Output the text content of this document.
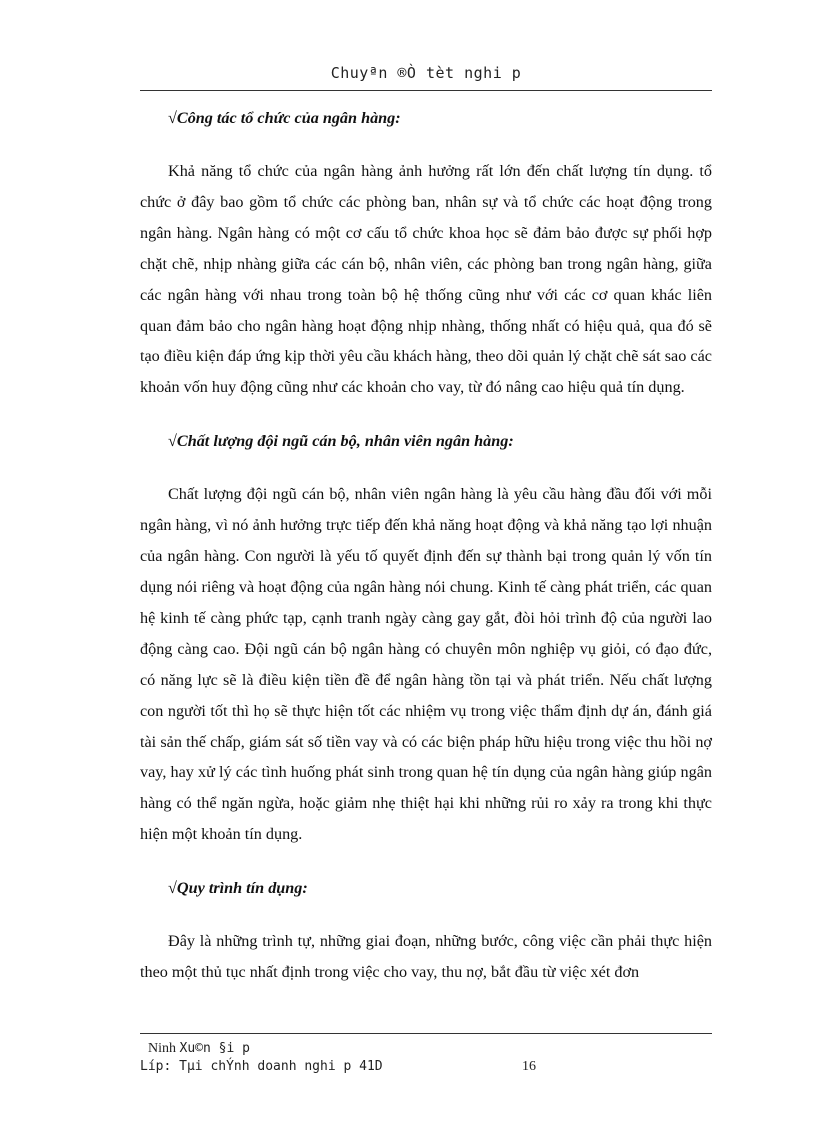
Chuyªn ®Ò tèt nghi p

√Công tác tổ chức của ngân hàng:

Khả năng tổ chức của ngân hàng ảnh hưởng rất lớn đến chất lượng tín dụng. tổ chức ở đây bao gồm tổ chức các phòng ban, nhân sự và tổ chức các hoạt động trong ngân hàng. Ngân hàng có một cơ cấu tổ chức khoa học sẽ đảm bảo được sự phối hợp chặt chẽ, nhịp nhàng giữa các cán bộ, nhân viên, các phòng ban trong ngân hàng, giữa các ngân hàng với nhau trong toàn bộ hệ thống cũng như với các cơ quan khác liên quan đảm bảo cho ngân hàng hoạt động nhịp nhàng, thống nhất có hiệu quả, qua đó sẽ tạo điều kiện đáp ứng kịp thời yêu cầu khách hàng, theo dõi quản lý chặt chẽ sát sao các khoản vốn huy động cũng như các khoản cho vay, từ đó nâng cao hiệu quả tín dụng.

√Chất lượng đội ngũ cán bộ, nhân viên ngân hàng:

Chất lượng đội ngũ cán bộ, nhân viên ngân hàng là yêu cầu hàng đầu đối với mỗi ngân hàng, vì nó ảnh hưởng trực tiếp đến khả năng hoạt động và khả năng tạo lợi nhuận của ngân hàng. Con người là yếu tố quyết định đến sự thành bại trong quản lý vốn tín dụng nói riêng và hoạt động của ngân hàng nói chung. Kinh tế càng phát triển, các quan hệ kinh tế càng phức tạp, cạnh tranh ngày càng gay gắt, đòi hỏi trình độ của người lao động càng cao. Đội ngũ cán bộ ngân hàng có chuyên môn nghiệp vụ giỏi, có đạo đức, có năng lực sẽ là điều kiện tiền đề để ngân hàng tồn tại và phát triển. Nếu chất lượng con người tốt thì họ sẽ thực hiện tốt các nhiệm vụ trong việc thẩm định dự án, đánh giá tài sản thế chấp, giám sát số tiền vay và có các biện pháp hữu hiệu trong việc thu hồi nợ vay, hay xử lý các tình huống phát sinh trong quan hệ tín dụng của ngân hàng giúp ngân hàng có thể ngăn ngừa, hoặc giảm nhẹ thiệt hại khi những rủi ro xảy ra trong khi thực hiện một khoản tín dụng.

√Quy trình tín dụng:

Đây là những trình tự, những giai đoạn, những bước, công việc cần phải thực hiện theo một thủ tục nhất định trong việc cho vay, thu nợ, bắt đầu từ việc xét đơn

Ninh Xu©n §i p
Líp: Tµi chÝnh doanh nghi p 41D	16
